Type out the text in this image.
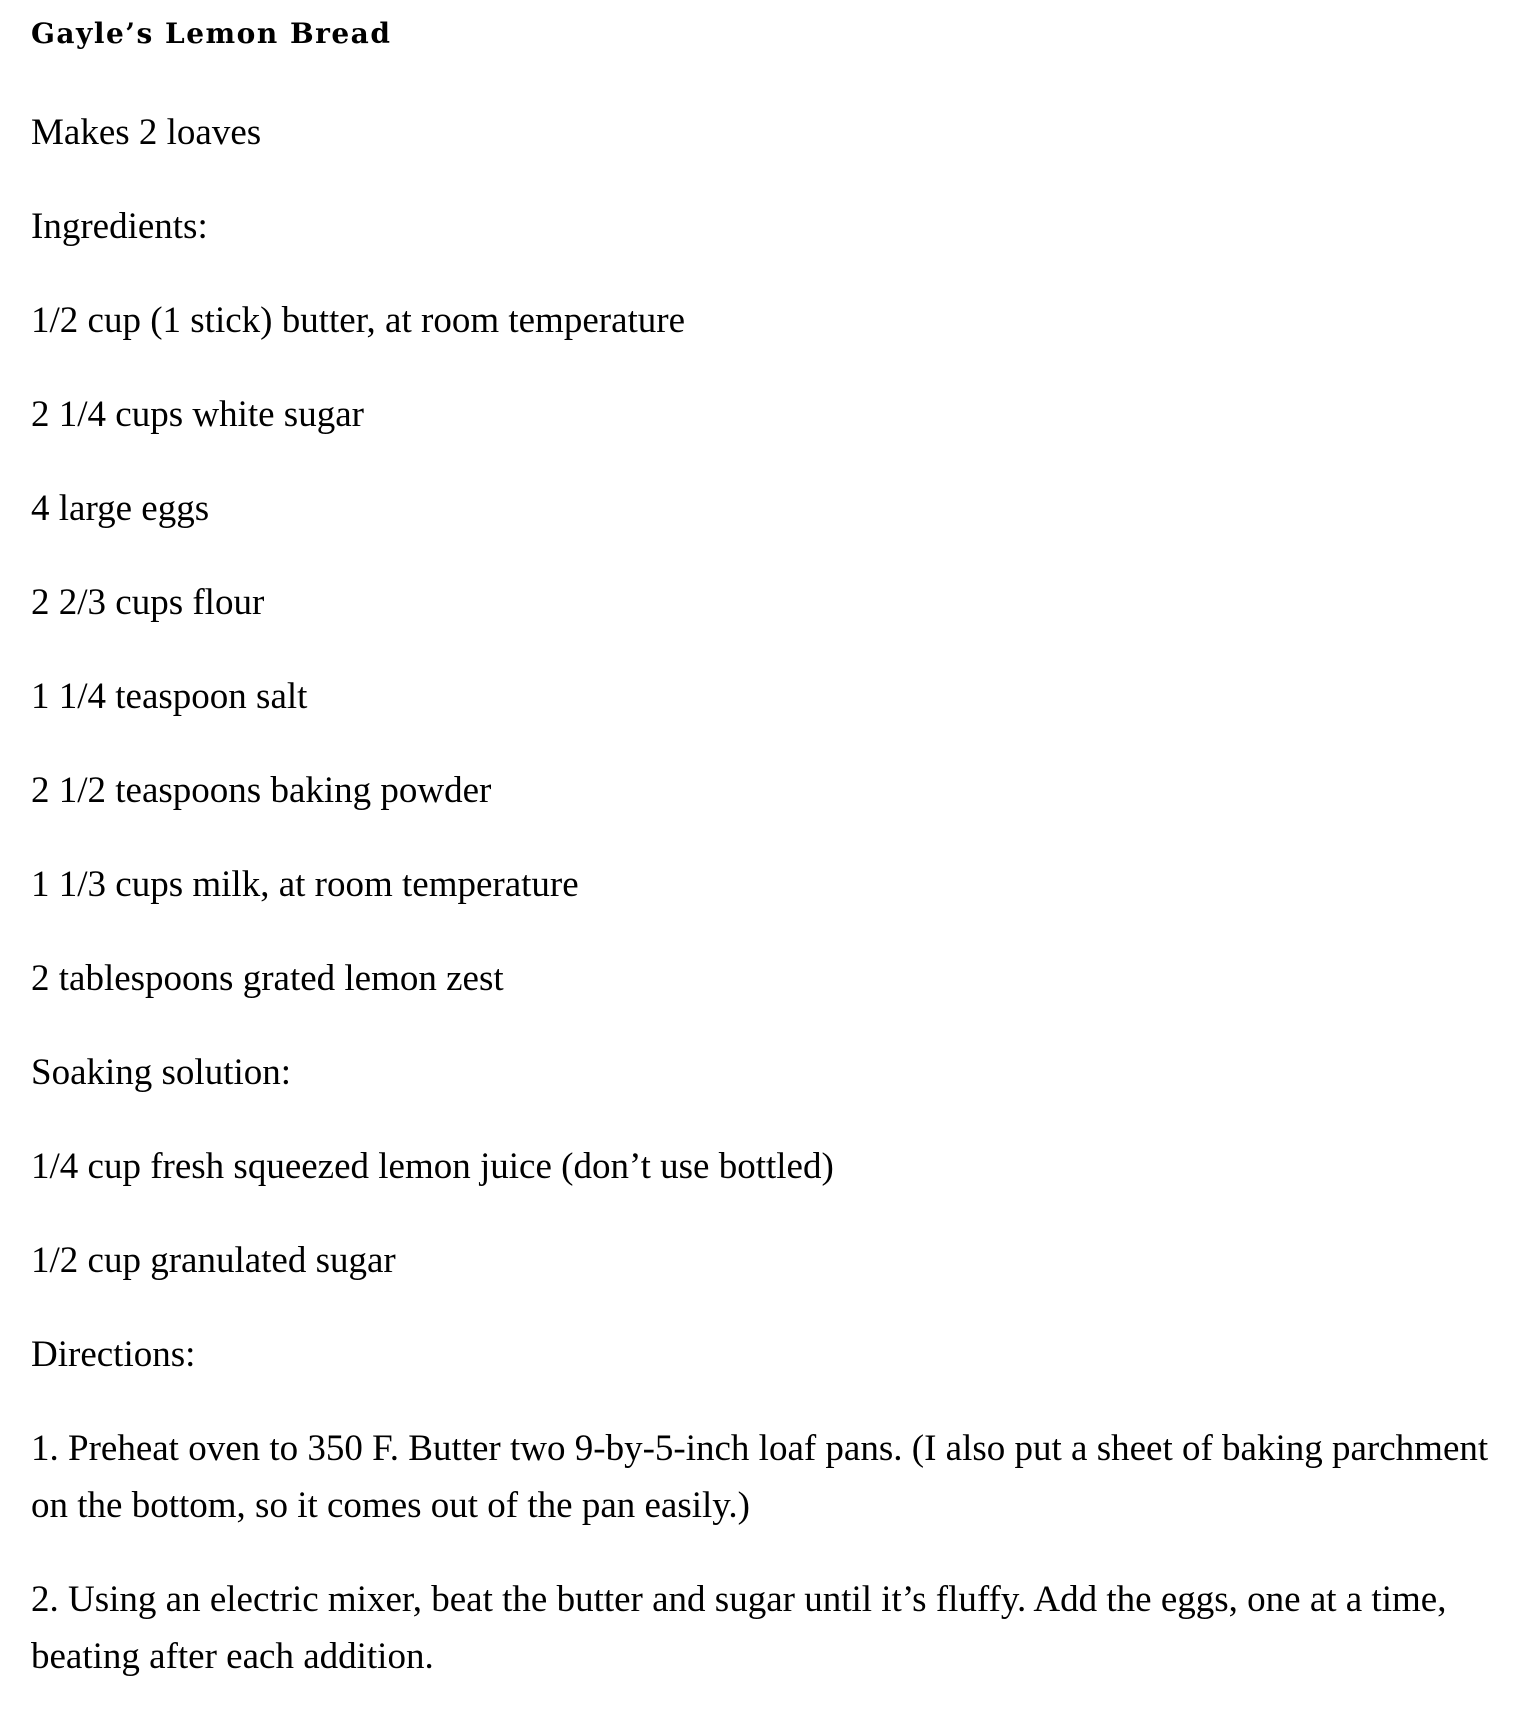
Gayle’s Lemon Bread
Makes 2 loaves
Ingredients:
1/2 cup (1 stick) butter, at room temperature
2 1/4 cups white sugar
4 large eggs
2 2/3 cups flour
1 1/4 teaspoon salt
2 1/2 teaspoons baking powder
1 1/3 cups milk, at room temperature
2 tablespoons grated lemon zest
Soaking solution:
1/4 cup fresh squeezed lemon juice (don’t use bottled)
1/2 cup granulated sugar
Directions:
1. Preheat oven to 350 F. Butter two 9-by-5-inch loaf pans. (I also put a sheet of baking parchment on the bottom, so it comes out of the pan easily.)
2. Using an electric mixer, beat the butter and sugar until it’s fluffy. Add the eggs, one at a time, beating after each addition.
